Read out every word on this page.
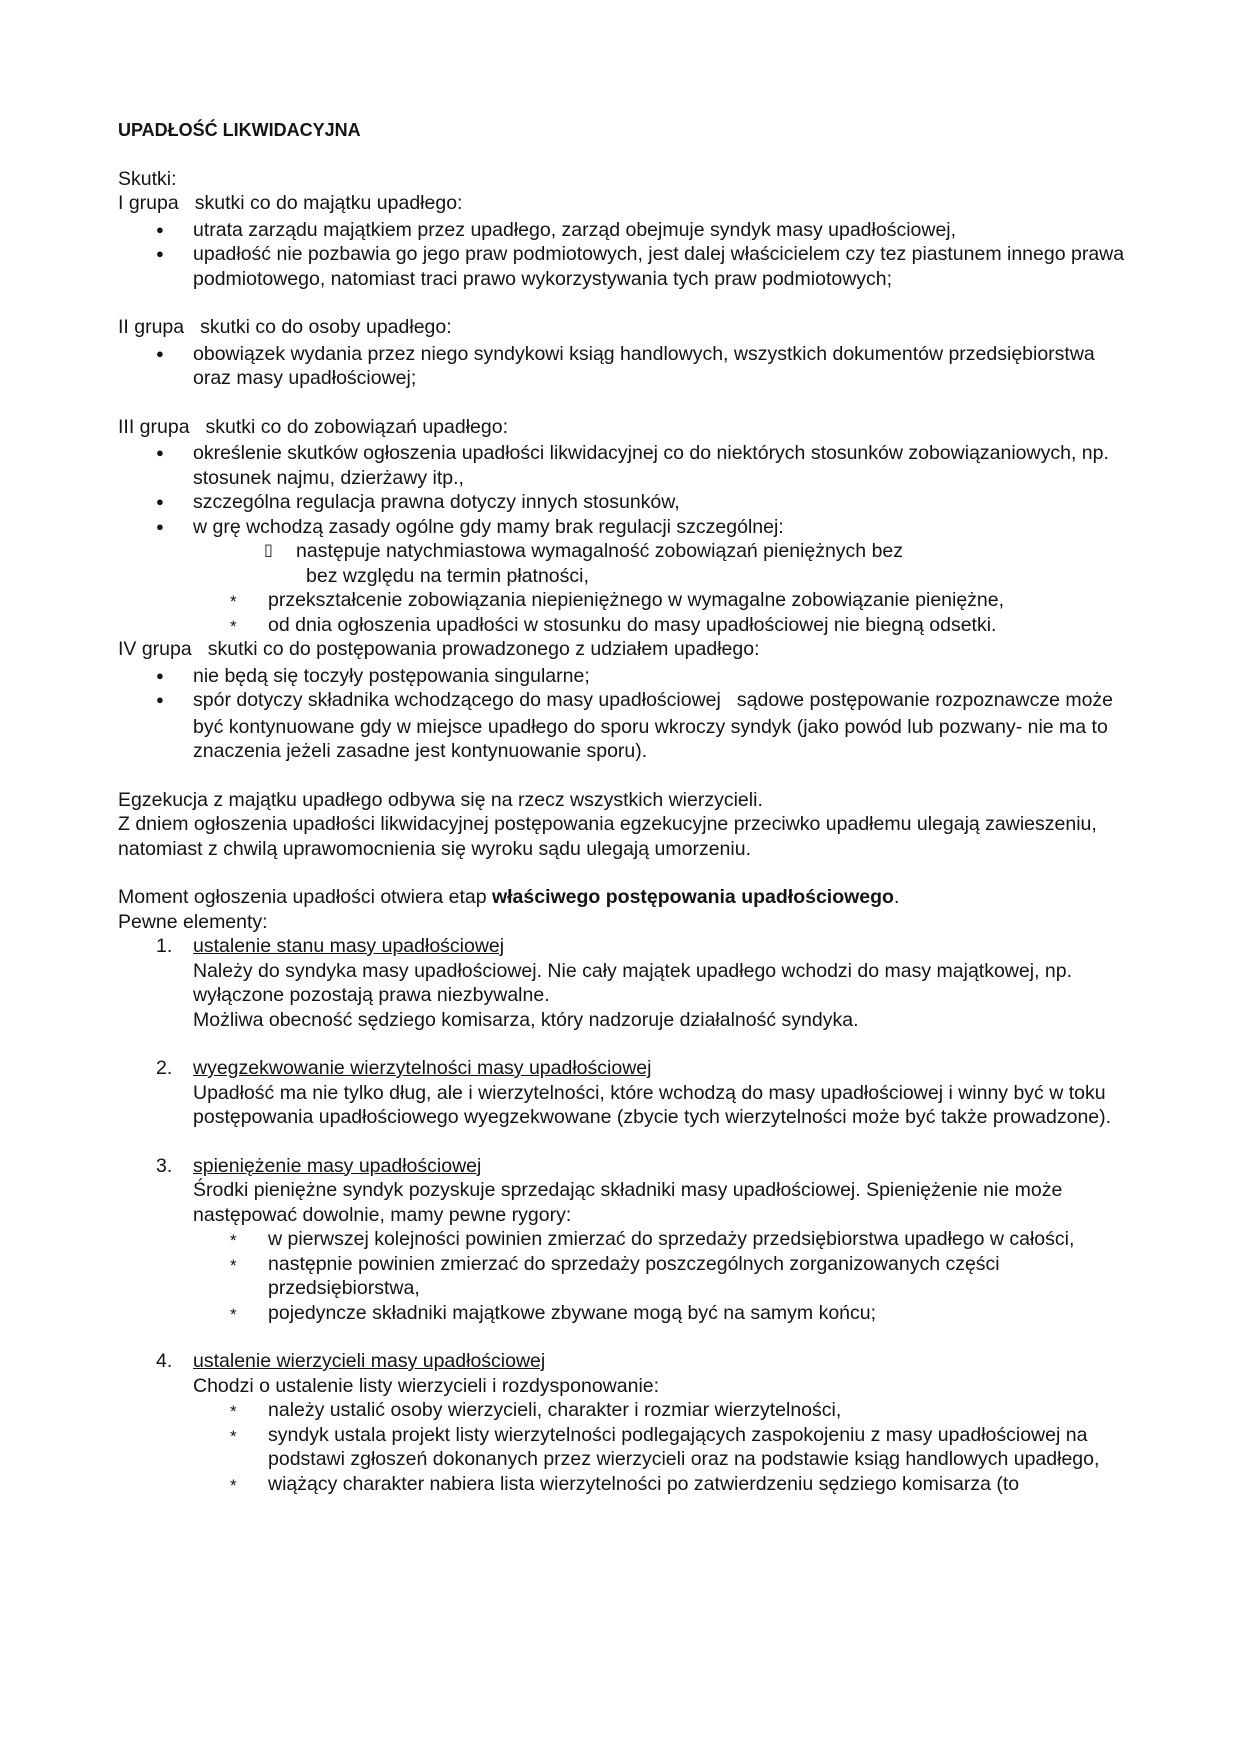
UPADŁOŚĆ LIKWIDACYJNA
Skutki:
I grupa skutki co do majątku upadłego:
● utrata zarządu majątkiem przez upadłego, zarząd obejmuje syndyk masy upadłościowej,
● upadłość nie pozbawia go jego praw podmiotowych, jest dalej właścicielem czy tez piastunem innego prawa podmiotowego, natomiast traci prawo wykorzystywania tych praw podmiotowych;
II grupa skutki co do osoby upadłego:
● obowiązek wydania przez niego syndykowi ksiąg handlowych, wszystkich dokumentów przedsiębiorstwa oraz masy upadłościowej;
III grupa skutki co do zobowiązań upadłego:
● określenie skutków ogłoszenia upadłości likwidacyjnej co do niektórych stosunków zobowiązaniowych, np. stosunek najmu, dzierżawy itp.,
● szczególna regulacja prawna dotyczy innych stosunków,
● w grę wchodzą zasady ogólne gdy mamy brak regulacji szczególnej:
▯ następuje natychmiastowa wymagalność zobowiązań pieniężnych bez
bez względu na termin płatności,
* przekształcenie zobowiązania niepieniężnego w wymagalne zobowiązanie pieniężne,
* od dnia ogłoszenia upadłości w stosunku do masy upadłościowej nie biegną odsetki.
IV grupa skutki co do postępowania prowadzonego z udziałem upadłego:
● nie będą się toczyły postępowania singularne;
● spór dotyczy składnika wchodzącego do masy upadłościowej sądowe postępowanie rozpoznawcze może być kontynuowane gdy w miejsce upadłego do sporu wkroczy syndyk (jako powód lub pozwany- nie ma to znaczenia jeżeli zasadne jest kontynuowanie sporu).
Egzekucja z majątku upadłego odbywa się na rzecz wszystkich wierzycieli.
Z dniem ogłoszenia upadłości likwidacyjnej postępowania egzekucyjne przeciwko upadłemu ulegają zawieszeniu, natomiast z chwilą uprawomocnienia się wyroku sądu ulegają umorzeniu.
Moment ogłoszenia upadłości otwiera etap właściwego postępowania upadłościowego.
Pewne elementy:
1. ustalenie stanu masy upadłościowej
Należy do syndyka masy upadłościowej. Nie cały majątek upadłego wchodzi do masy majątkowej, np. wyłączone pozostają prawa niezbywalne.
Możliwa obecność sędziego komisarza, który nadzoruje działalność syndyka.
2. wyegzekwowanie wierzytelności masy upadłościowej
Upadłość ma nie tylko dług, ale i wierzytelności, które wchodzą do masy upadłościowej i winny być w toku postępowania upadłościowego wyegzekwowane (zbycie tych wierzytelności może być także prowadzone).
3. spieniężenie masy upadłościowej
Środki pieniężne syndyk pozyskuje sprzedając składniki masy upadłościowej. Spieniężenie nie może następować dowolnie, mamy pewne rygory:
* w pierwszej kolejności powinien zmierzać do sprzedaży przedsiębiorstwa upadłego w całości,
* następnie powinien zmierzać do sprzedaży poszczególnych zorganizowanych części przedsiębiorstwa,
* pojedyncze składniki majątkowe zbywane mogą być na samym końcu;
4. ustalenie wierzycieli masy upadłościowej
Chodzi o ustalenie listy wierzycieli i rozdysponowanie:
* należy ustalić osoby wierzycieli, charakter i rozmiar wierzytelności,
* syndyk ustala projekt listy wierzytelności podlegających zaspokojeniu z masy upadłościowej na podstawi zgłoszeń dokonanych przez wierzycieli oraz na podstawie ksiąg handlowych upadłego,
* wiążący charakter nabiera lista wierzytelności po zatwierdzeniu sędziego komisarza (to
